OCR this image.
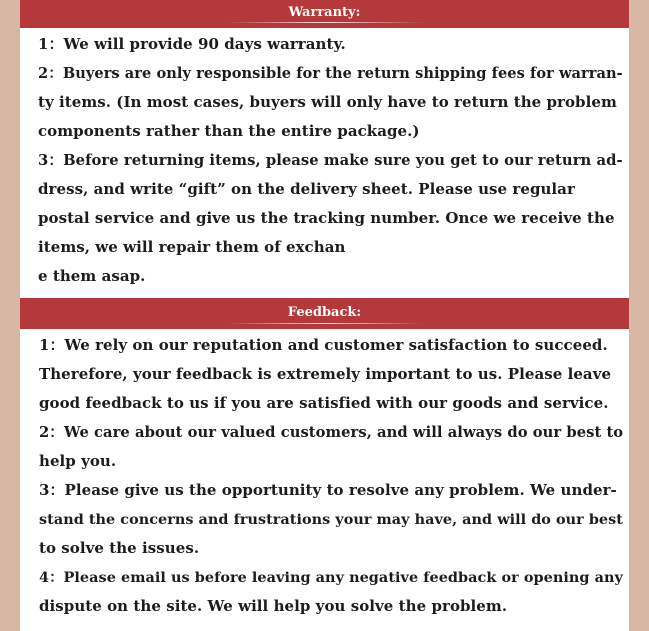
Warranty:
1：We will provide 90 days warranty.
2：Buyers are only responsible for the return shipping fees for warran-
ty items. (In most cases, buyers will only have to return the problem
components rather than the entire package.)
3：Before returning items, please make sure you get to our return ad-
dress, and write “gift” on the delivery sheet. Please use regular
postal service and give us the tracking number. Once we receive the
items, we will repair them of exchan
e them asap.
Feedback:
1：We rely on our reputation and customer satisfaction to succeed.
Therefore, your feedback is extremely important to us. Please leave
good feedback to us if you are satisfied with our goods and service.
2：We care about our valued customers, and will always do our best to
help you.
3：Please give us the opportunity to resolve any problem. We under-
stand the concerns and frustrations your may have, and will do our best
to solve the issues.
4：Please email us before leaving any negative feedback or opening any
dispute on the site. We will help you solve the problem.
